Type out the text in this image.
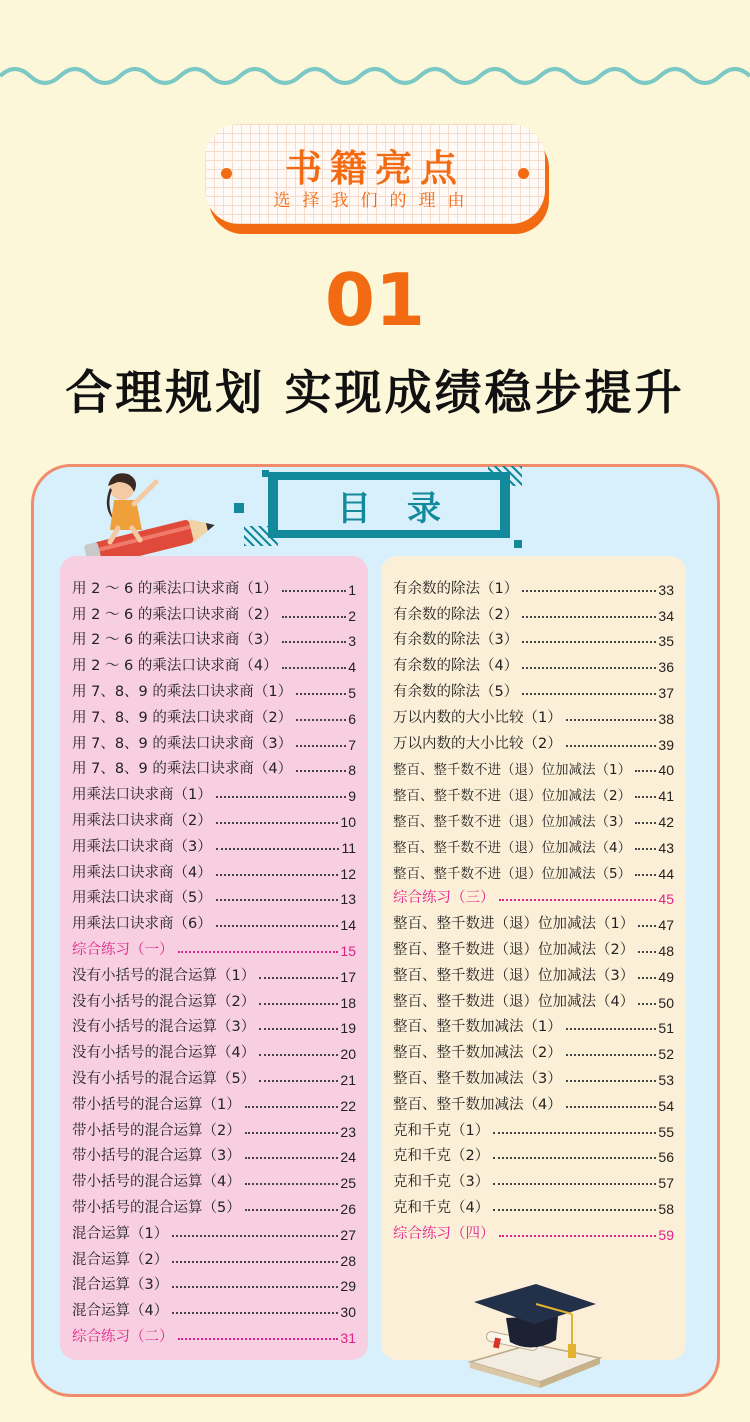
书籍亮点
选择我们的理由
01
合理规划 实现成绩稳步提升
目录
用 2 ～ 6 的乘法口诀求商（1）	1
用 2 ～ 6 的乘法口诀求商（2）	2
用 2 ～ 6 的乘法口诀求商（3）	3
用 2 ～ 6 的乘法口诀求商（4）	4
用 7、8、9 的乘法口诀求商（1）	5
用 7、8、9 的乘法口诀求商（2）	6
用 7、8、9 的乘法口诀求商（3）	7
用 7、8、9 的乘法口诀求商（4）	8
用乘法口诀求商（1）	9
用乘法口诀求商（2）	10
用乘法口诀求商（3）	11
用乘法口诀求商（4）	12
用乘法口诀求商（5）	13
用乘法口诀求商（6）	14
综合练习（一）	15
没有小括号的混合运算（1）	17
没有小括号的混合运算（2）	18
没有小括号的混合运算（3）	19
没有小括号的混合运算（4）	20
没有小括号的混合运算（5）	21
带小括号的混合运算（1）	22
带小括号的混合运算（2）	23
带小括号的混合运算（3）	24
带小括号的混合运算（4）	25
带小括号的混合运算（5）	26
混合运算（1）	27
混合运算（2）	28
混合运算（3）	29
混合运算（4）	30
综合练习（二）	31
有余数的除法（1）	33
有余数的除法（2）	34
有余数的除法（3）	35
有余数的除法（4）	36
有余数的除法（5）	37
万以内数的大小比较（1）	38
万以内数的大小比较（2）	39
整百、整千数不进（退）位加减法（1） 40
整百、整千数不进（退）位加减法（2） 41
整百、整千数不进（退）位加减法（3） 42
整百、整千数不进（退）位加减法（4） 43
整百、整千数不进（退）位加减法（5） 44
综合练习（三）	45
整百、整千数进（退）位加减法（1） 47
整百、整千数进（退）位加减法（2） 48
整百、整千数进（退）位加减法（3） 49
整百、整千数进（退）位加减法（4） 50
整百、整千数加减法（1）	51
整百、整千数加减法（2）	52
整百、整千数加减法（3）	53
整百、整千数加减法（4）	54
克和千克（1）	55
克和千克（2）	56
克和千克（3）	57
克和千克（4）	58
综合练习（四）	59
